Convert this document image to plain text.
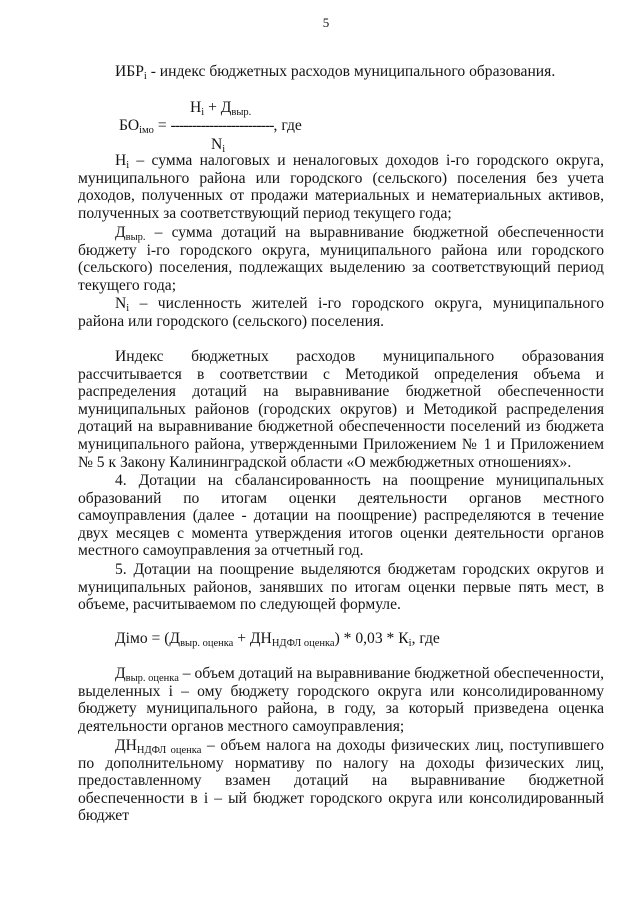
5

$ИБР_i$ - индекс бюджетных расходов муниципального образования.

$Н_i + Д_{выр.}$
$БО_{iмо}$ = ------------------------, где
$N_i$

$Н_i$ – сумма налоговых и неналоговых доходов i-го городского округа, муниципального района или городского (сельского) поселения без учета доходов, полученных от продажи материальных и нематериальных активов, полученных за соответствующий период текущего года;

$Д_{выр.}$ – сумма дотаций на выравнивание бюджетной обеспеченности бюджету i-го городского округа, муниципального района или городского (сельского) поселения, подлежащих выделению за соответствующий период текущего года;

$N_i$ – численность жителей i-го городского округа, муниципального района или городского (сельского) поселения.

Индекс бюджетных расходов муниципального образования рассчитывается в соответствии с Методикой определения объема и распределения дотаций на выравнивание бюджетной обеспеченности муниципальных районов (городских округов) и Методикой распределения дотаций на выравнивание бюджетной обеспеченности поселений из бюджета муниципального района, утвержденными Приложением № 1 и Приложением № 5 к Закону Калининградской области «О межбюджетных отношениях».

4. Дотации на сбалансированность на поощрение муниципальных образований по итогам оценки деятельности органов местного самоуправления (далее - дотации на поощрение) распределяются в течение двух месяцев с момента утверждения итогов оценки деятельности органов местного самоуправления за отчетный год.

5. Дотации на поощрение выделяются бюджетам городских округов и муниципальных районов, занявших по итогам оценки первые пять мест, в объеме, расчитываемом по следующей формуле.

Дiмо = $(Д_{выр. оценка} + ДН_{НДФЛ оценка}) * 0,03 * К_i$, где

$Д_{выр. оценка}$ – объем дотаций на выравнивание бюджетной обеспеченности, выделенных i – ому бюджету городского округа или консолидированному бюджету муниципального района, в году, за который призведена оценка деятельности органов местного самоуправления;

$ДН_{НДФЛ оценка}$ – объем налога на доходы физических лиц, поступившего по дополнительному нормативу по налогу на доходы физических лиц, предоставленному взамен дотаций на выравнивание бюджетной обеспеченности в i – ый бюджет городского округа или консолидированный бюджет
